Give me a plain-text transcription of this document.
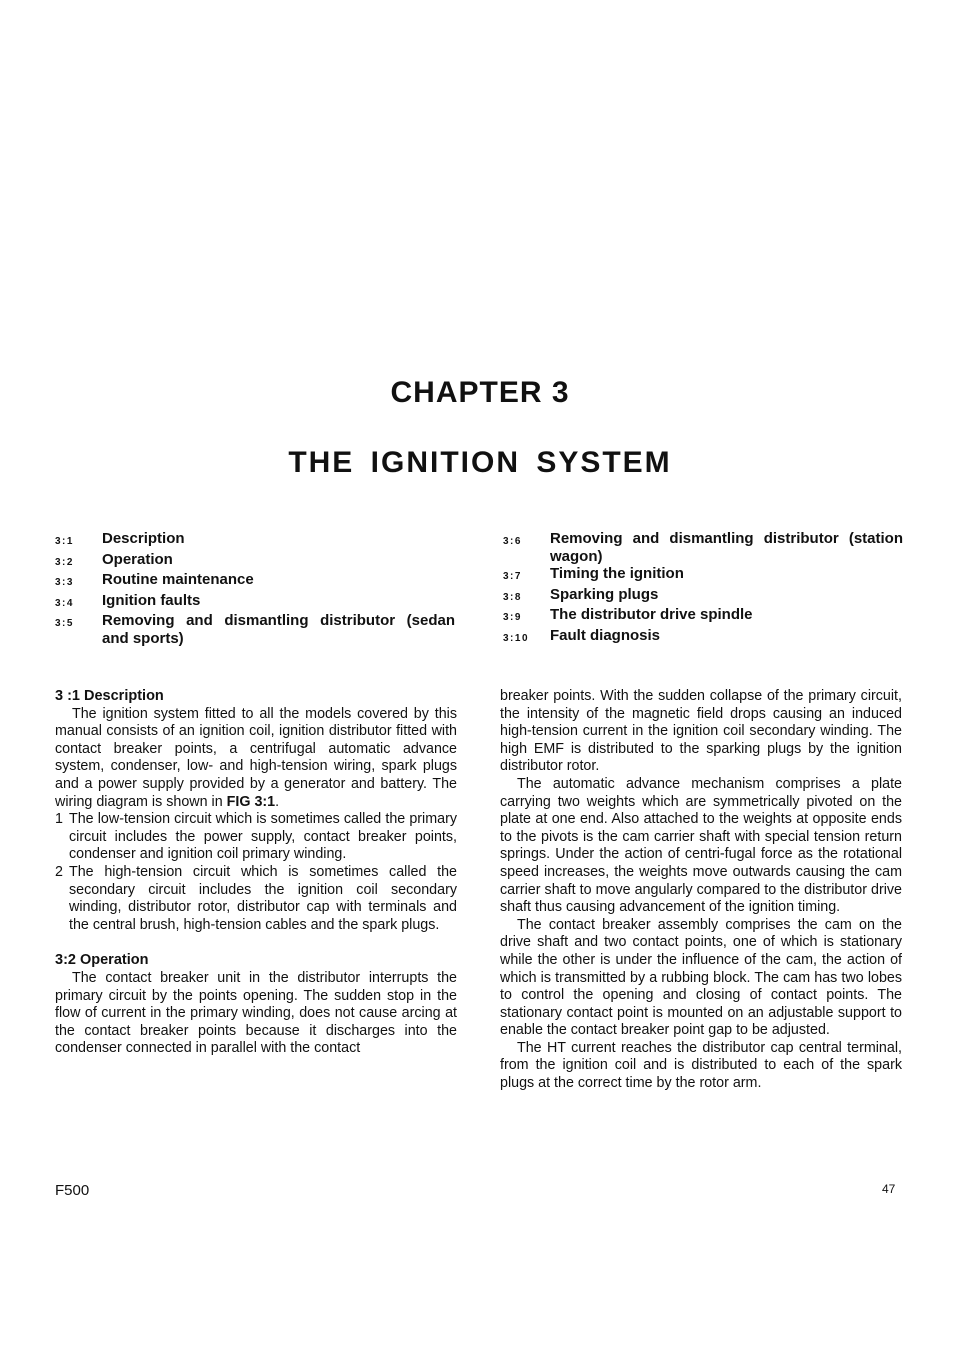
CHAPTER 3
THE IGNITION SYSTEM
3:1	Description
3:2	Operation
3:3	Routine maintenance
3:4	Ignition faults
3:5	Removing and dismantling distributor (sedan and sports)
3:6	Removing and dismantling distributor (station wagon)
3:7	Timing the ignition
3:8	Sparking plugs
3:9	The distributor drive spindle
3:10	Fault diagnosis

3 :1 Description

The ignition system fitted to all the models covered by this manual consists of an ignition coil, ignition distributor fitted with contact breaker points, a centrifugal automatic advance system, condenser, low- and high-tension wiring, spark plugs and a power supply provided by a generator and battery. The wiring diagram is shown in FIG 3:1.

1 The low-tension circuit which is sometimes called the primary circuit includes the power supply, contact breaker points, condenser and ignition coil primary winding.
2 The high-tension circuit which is sometimes called the secondary circuit includes the ignition coil secondary winding, distributor rotor, distributor cap with terminals and the central brush, high-tension cables and the spark plugs.

3:2 Operation

The contact breaker unit in the distributor interrupts the primary circuit by the points opening. The sudden stop in the flow of current in the primary winding, does not cause arcing at the contact breaker points because it discharges into the condenser connected in parallel with the contact

breaker points. With the sudden collapse of the primary circuit, the intensity of the magnetic field drops causing an induced high-tension current in the ignition coil secondary winding. The high EMF is distributed to the sparking plugs by the ignition distributor rotor.

The automatic advance mechanism comprises a plate carrying two weights which are symmetrically pivoted on the plate at one end. Also attached to the weights at opposite ends to the pivots is the cam carrier shaft with special tension return springs. Under the action of centri-fugal force as the rotational speed increases, the weights move outwards causing the cam carrier shaft to move angularly compared to the distributor drive shaft thus causing advancement of the ignition timing.

The contact breaker assembly comprises the cam on the drive shaft and two contact points, one of which is stationary while the other is under the influence of the cam, the action of which is transmitted by a rubbing block. The cam has two lobes to control the opening and closing of contact points. The stationary contact point is mounted on an adjustable support to enable the contact breaker point gap to be adjusted.

The HT current reaches the distributor cap central terminal, from the ignition coil and is distributed to each of the spark plugs at the correct time by the rotor arm.

F500	47
